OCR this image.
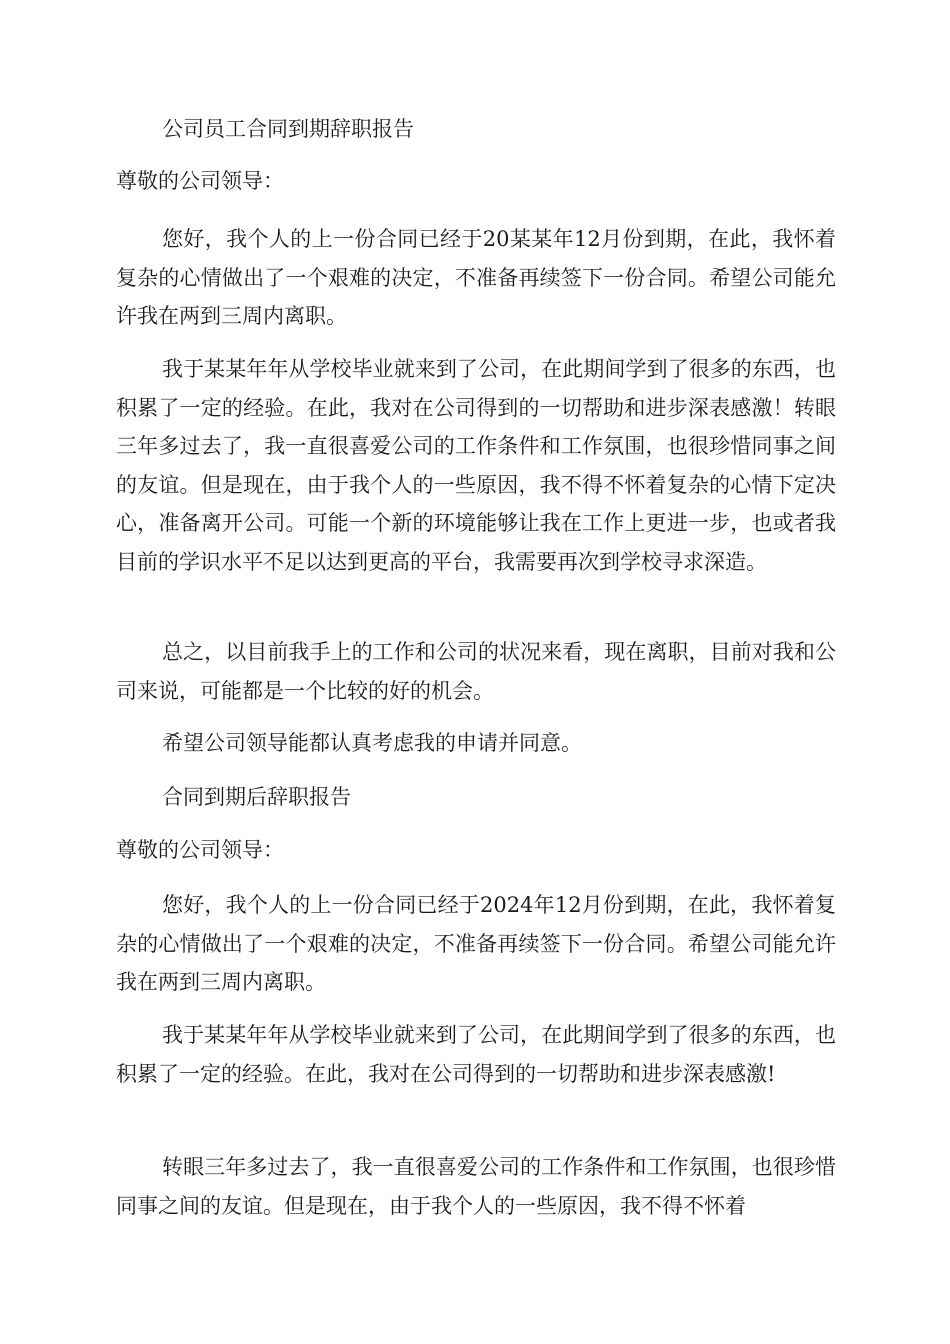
公司员工合同到期辞职报告

尊敬的公司领导：

您好，我个人的上一份合同已经于20某某年12月份到期，在此，我怀着复杂的心情做出了一个艰难的决定，不准备再续签下一份合同。希望公司能允许我在两到三周内离职。

我于某某年年从学校毕业就来到了公司，在此期间学到了很多的东西，也积累了一定的经验。在此，我对在公司得到的一切帮助和进步深表感激！转眼三年多过去了，我一直很喜爱公司的工作条件和工作氛围，也很珍惜同事之间的友谊。但是现在，由于我个人的一些原因，我不得不怀着复杂的心情下定决心，准备离开公司。可能一个新的环境能够让我在工作上更进一步，也或者我目前的学识水平不足以达到更高的平台，我需要再次到学校寻求深造。

总之，以目前我手上的工作和公司的状况来看，现在离职，目前对我和公司来说，可能都是一个比较的好的机会。

希望公司领导能都认真考虑我的申请并同意。

合同到期后辞职报告

尊敬的公司领导：

您好，我个人的上一份合同已经于2024年12月份到期，在此，我怀着复杂的心情做出了一个艰难的决定，不准备再续签下一份合同。希望公司能允许我在两到三周内离职。

我于某某年年从学校毕业就来到了公司，在此期间学到了很多的东西，也积累了一定的经验。在此，我对在公司得到的一切帮助和进步深表感激!

转眼三年多过去了，我一直很喜爱公司的工作条件和工作氛围，也很珍惜同事之间的友谊。但是现在，由于我个人的一些原因，我不得不怀着
